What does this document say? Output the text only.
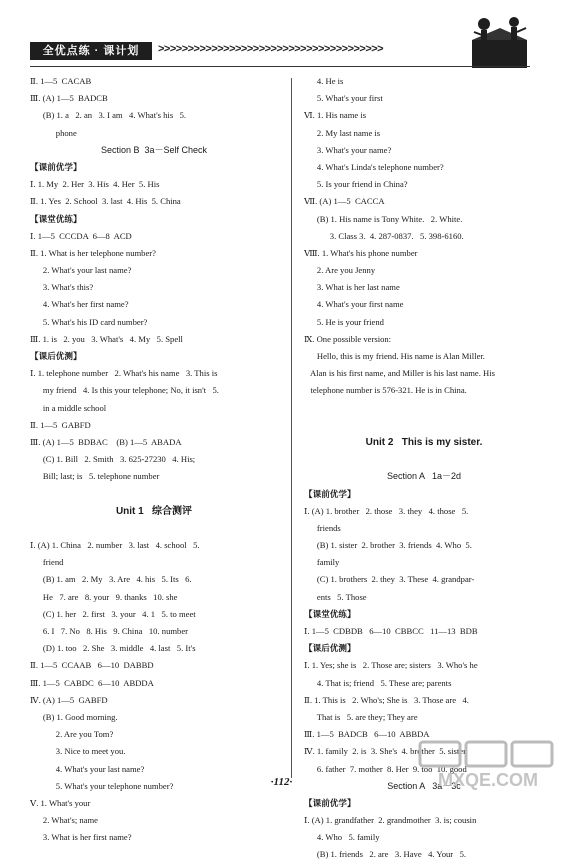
全优点练 · 课计划	>>>>>>>>>>>>>>>>>>>>>>>>>>>>>>>>>>>>>>
Ⅱ. 1—5  CACAB
Ⅲ. (A) 1—5  BADCB
(B) 1. a   2. an   3. I am   4. What's his   5.
phone
Section B  3a－Self Check
【课前优学】
Ⅰ. 1. My  2. Her  3. His  4. Her  5. His
Ⅱ. 1. Yes  2. School  3. last  4. His  5. China
【课堂优练】
Ⅰ. 1—5  CCCDA  6—8  ACD
Ⅱ. 1. What is her telephone number?
2. What's your last name?
3. What's this?
4. What's her first name?
5. What's his ID card number?
Ⅲ. 1. is   2. you   3. What's   4. My   5. Spell
【课后优测】
Ⅰ. 1. telephone number   2. What's his name   3. This is
my friend   4. Is this your telephone; No, it isn't   5.
in a middle school
Ⅱ. 1—5  GABFD
Ⅲ. (A) 1—5  BDBAC    (B) 1—5  ABADA
(C) 1. Bill   2. Smith   3. 625-27230   4. His;
Bill; last; is   5. telephone number
Unit 1   综合测评
Ⅰ. (A) 1. China   2. number   3. last   4. school   5.
friend
(B) 1. am   2. My   3. Are   4. his   5. Its   6.
He   7. are   8. your   9. thanks   10. she
(C) 1. her   2. first   3. your   4. 1   5. to meet
6. I   7. No   8. His   9. China   10. number
(D) 1. too   2. She   3. middle   4. last   5. It's
Ⅱ. 1—5  CCAAB   6—10  DABBD
Ⅲ. 1—5  CABDC  6—10  ABDDA
Ⅳ. (A) 1—5  GABFD
(B) 1. Good morning.
2. Are you Tom?
3. Nice to meet you.
4. What's your last name?
5. What's your telephone number?
Ⅴ. 1. What's your
2. What's; name
3. What is her first name?
4. He is
5. What's your first
Ⅵ. 1. His name is
2. My last name is
3. What's your name?
4. What's Linda's telephone number?
5. Is your friend in China?
Ⅶ. (A) 1—5  CACCA
(B) 1. His name is Tony White.   2. White.
3. Class 3.  4. 287-0837.   5. 398-6160.
Ⅷ. 1. What's his phone number
2. Are you Jenny
3. What is her last name
4. What's your first name
5. He is your friend
Ⅸ. One possible version:
Hello, this is my friend. His name is Alan Miller.
Alan is his first name, and Miller is his last name. His
telephone number is 576-321. He is in China.
Unit 2   This is my sister.
Section A   1a－2d
【课前优学】
Ⅰ. (A) 1. brother   2. those   3. they   4. those   5.
friends
(B) 1. sister  2. brother  3. friends  4. Who  5.
family
(C) 1. brothers  2. they  3. These  4. grandpar-
ents   5. Those
【课堂优练】
Ⅰ. 1—5  CDBDB   6—10  CBBCC   11—13  BDB
【课后优测】
Ⅰ. 1. Yes; she is   2. Those are; sisters   3. Who's he
4. That is; friend   5. These are; parents
Ⅱ. 1. This is   2. Who's; She is   3. Those are   4.
That is   5. are they; They are
Ⅲ. 1—5  BADCB   6—10  ABBDA
Ⅳ. 1. family  2. is  3. She's  4. brother  5. sister
6. father  7. mother  8. Her  9. too  10. good
Section A   3a－3c
【课前优学】
Ⅰ. (A) 1. grandfather  2. grandmother  3. is; cousin
4. Who   5. family
(B) 1. friends   2. are   3. Have   4. Your   5.
·112·	MXQE.COM
